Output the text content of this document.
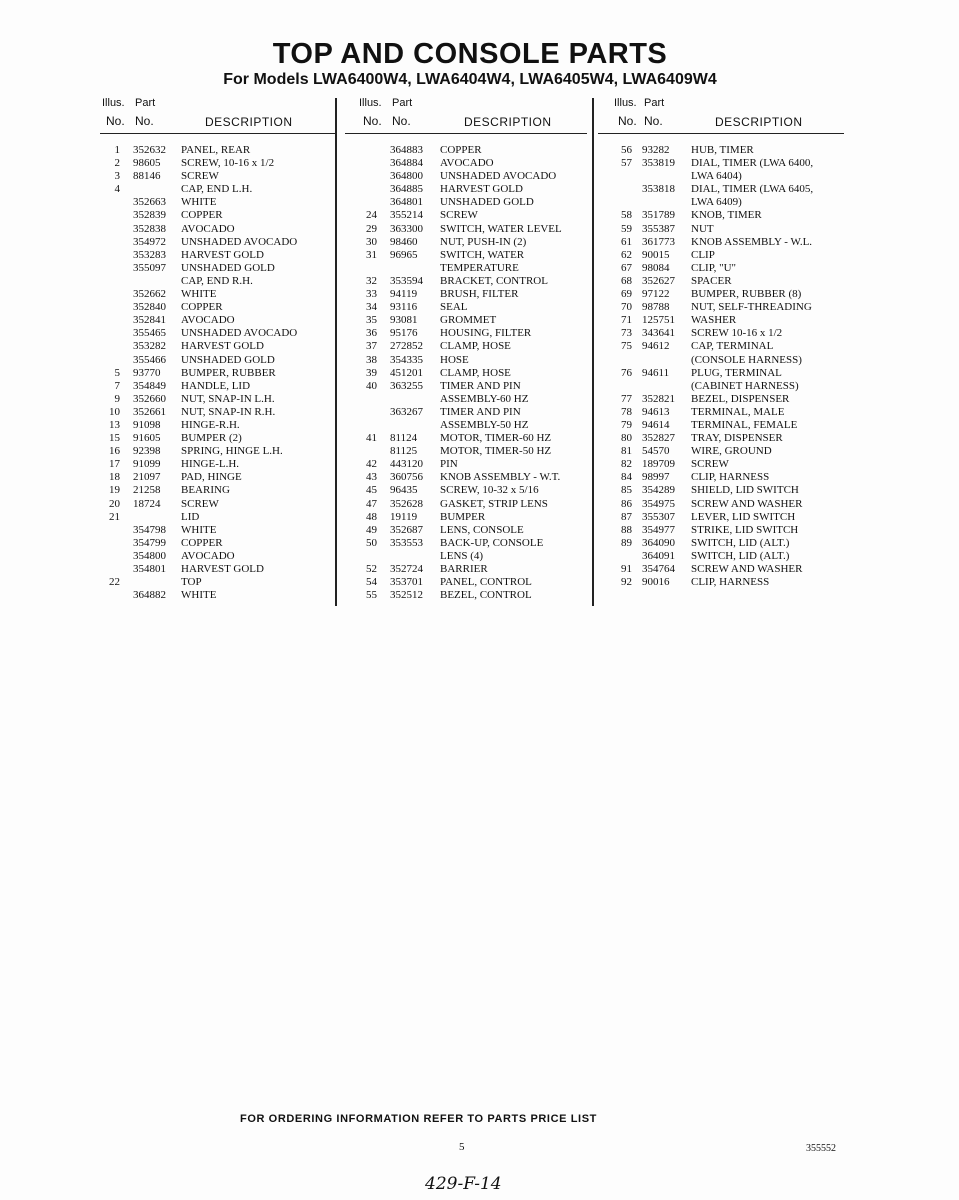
TOP AND CONSOLE PARTS
For Models LWA6400W4, LWA6404W4, LWA6405W4, LWA6409W4
Illus. Part
No. No.	DESCRIPTION
1 352632 PANEL, REAR
2 98605 SCREW, 10-16 x 1/2
3 88146 SCREW
4	CAP, END L.H.
352663 WHITE
352839 COPPER
352838 AVOCADO
354972 UNSHADED AVOCADO
353283 HARVEST GOLD
355097 UNSHADED GOLD
CAP, END R.H.
352662 WHITE
352840 COPPER
352841 AVOCADO
355465 UNSHADED AVOCADO
353282 HARVEST GOLD
355466 UNSHADED GOLD
5 93770 BUMPER, RUBBER
7 354849 HANDLE, LID
9 352660 NUT, SNAP-IN L.H.
10 352661 NUT, SNAP-IN R.H.
13 91098 HINGE-R.H.
15 91605 BUMPER (2)
16 92398 SPRING, HINGE L.H.
17 91099 HINGE-L.H.
18 21097 PAD, HINGE
19 21258 BEARING
20 18724 SCREW
21	LID
354798 WHITE
354799 COPPER
354800 AVOCADO
354801 HARVEST GOLD
22	TOP
364882 WHITE
Illus. Part
No. No.	DESCRIPTION
364883 COPPER
364884 AVOCADO
364800 UNSHADED AVOCADO
364885 HARVEST GOLD
364801 UNSHADED GOLD
24 355214 SCREW
29 363300 SWITCH, WATER LEVEL
30 98460 NUT, PUSH-IN (2)
31 96965 SWITCH, WATER
TEMPERATURE
32 353594 BRACKET, CONTROL
33 94119 BRUSH, FILTER
34 93116 SEAL
35 93081 GROMMET
36 95176 HOUSING, FILTER
37 272852 CLAMP, HOSE
38 354335 HOSE
39 451201 CLAMP, HOSE
40 363255 TIMER AND PIN
ASSEMBLY-60 HZ
363267 TIMER AND PIN
ASSEMBLY-50 HZ
41 81124 MOTOR, TIMER-60 HZ
81125 MOTOR, TIMER-50 HZ
42 443120 PIN
43 360756 KNOB ASSEMBLY - W.T.
45 96435 SCREW, 10-32 x 5/16
47 352628 GASKET, STRIP LENS
48 19119 BUMPER
49 352687 LENS, CONSOLE
50 353553 BACK-UP, CONSOLE
LENS (4)
52 352724 BARRIER
54 353701 PANEL, CONTROL
55 352512 BEZEL, CONTROL
Illus. Part
No. No.	DESCRIPTION
56 93282 HUB, TIMER
57 353819 DIAL, TIMER (LWA 6400,
LWA 6404)
353818 DIAL, TIMER (LWA 6405,
LWA 6409)
58 351789 KNOB, TIMER
59 355387 NUT
61 361773 KNOB ASSEMBLY - W.L.
62 90015 CLIP
67 98084 CLIP, "U"
68 352627 SPACER
69 97122 BUMPER, RUBBER (8)
70 98788 NUT, SELF-THREADING
71 125751 WASHER
73 343641 SCREW 10-16 x 1/2
75 94612 CAP, TERMINAL
(CONSOLE HARNESS)
76 94611 PLUG, TERMINAL
(CABINET HARNESS)
77 352821 BEZEL, DISPENSER
78 94613 TERMINAL, MALE
79 94614 TERMINAL, FEMALE
80 352827 TRAY, DISPENSER
81 54570 WIRE, GROUND
82 189709 SCREW
84 98997 CLIP, HARNESS
85 354289 SHIELD, LID SWITCH
86 354975 SCREW AND WASHER
87 355307 LEVER, LID SWITCH
88 354977 STRIKE, LID SWITCH
89 364090 SWITCH, LID (ALT.)
364091 SWITCH, LID (ALT.)
91 354764 SCREW AND WASHER
92 90016 CLIP, HARNESS
FOR ORDERING INFORMATION REFER TO PARTS PRICE LIST
5	355552
429-F-14
